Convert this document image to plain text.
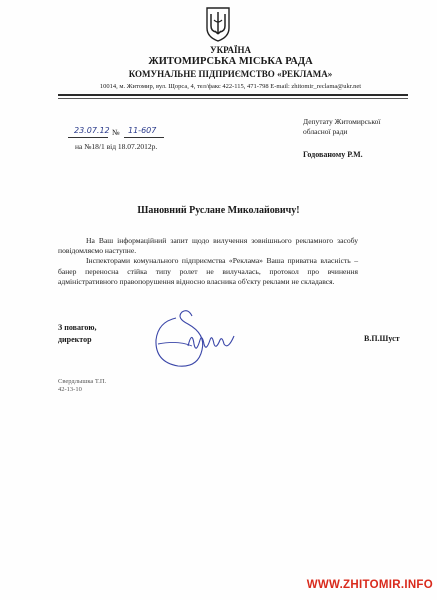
УКРАЇНА
ЖИТОМИРСЬКА МІСЬКА РАДА
КОМУНАЛЬНЕ ПІДПРИЄМСТВО «РЕКЛАМА»
10014, м. Житомир, вул. Щорса, 4, тел/факс 422-115, 471-798 E-mail: zhitomir_reclama@ukr.net
23.07.12 № 11-607
на №18/1 від 18.07.2012р.
Депутату Житомирської
обласної ради
Годованому Р.М.
Шановний Руслане Миколайовичу!

На Ваш інформаційний запит щодо вилучення зовнішнього рекламного засобу повідомляємо наступне.

Інспекторами комунального підприємства «Реклама» Ваша приватна власність – банер переносна стійка типу ролет не вилучалась, протокол про вчинення адміністративного правопорушення відносно власника об'єкту реклами не складався.

З повагою,
директор	В.П.Шуст
Свердлышка Т.П.
42-13-10
WWW.ZHITOMIR.INFO
